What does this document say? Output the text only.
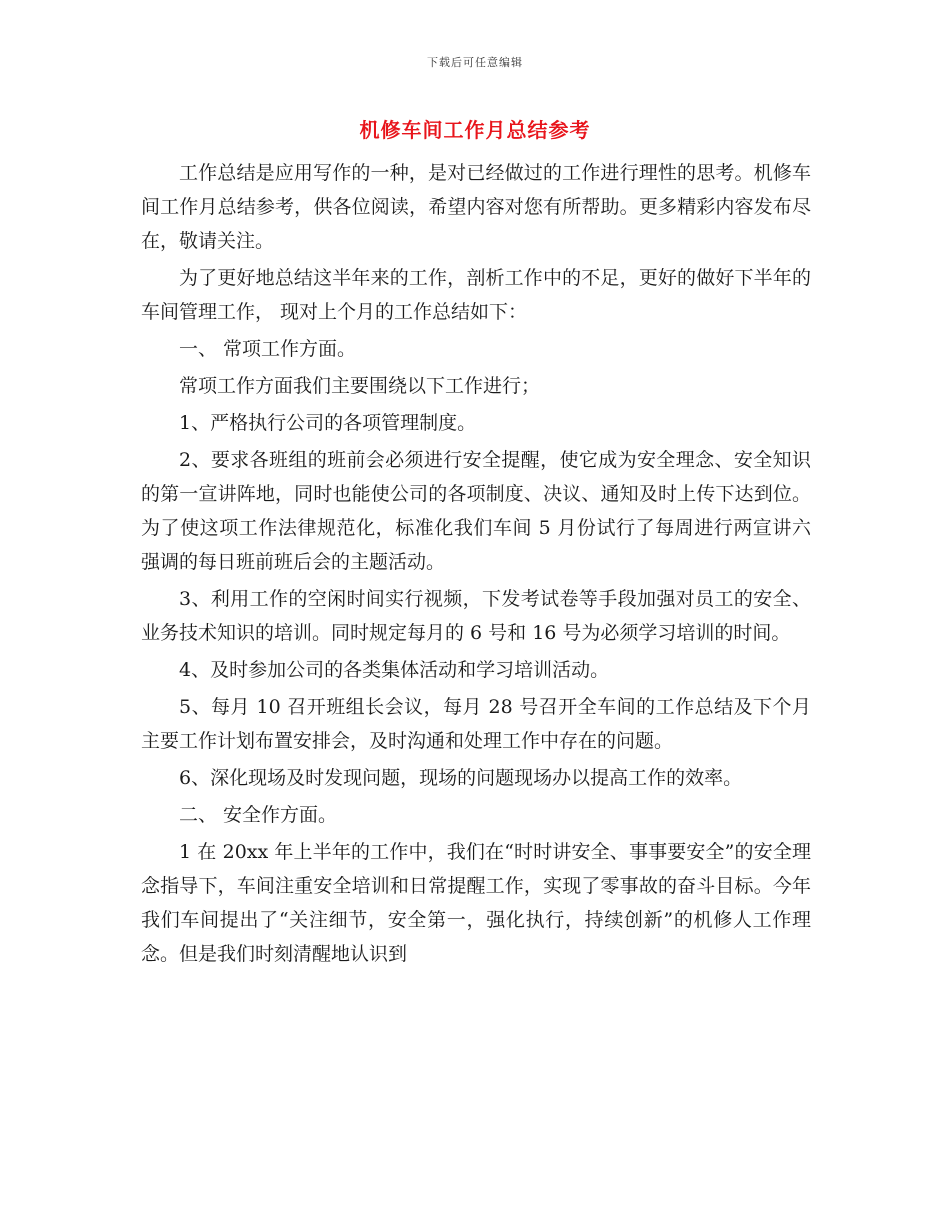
下载后可任意编辑
机修车间工作月总结参考

工作总结是应用写作的一种，是对已经做过的工作进行理性的思考。机修车间工作月总结参考，供各位阅读，希望内容对您有所帮助。更多精彩内容发布尽在，敬请关注。

为了更好地总结这半年来的工作，剖析工作中的不足，更好的做好下半年的车间管理工作， 现对上个月的工作总结如下：

一、 常项工作方面。

常项工作方面我们主要围绕以下工作进行；

1、严格执行公司的各项管理制度。

2、要求各班组的班前会必须进行安全提醒，使它成为安全理念、安全知识的第一宣讲阵地，同时也能使公司的各项制度、决议、通知及时上传下达到位。为了使这项工作法律规范化，标准化我们车间 5 月份试行了每周进行两宣讲六强调的每日班前班后会的主题活动。

3、利用工作的空闲时间实行视频，下发考试卷等手段加强对员工的安全、 业务技术知识的培训。同时规定每月的 6 号和 16 号为必须学习培训的时间。

4、及时参加公司的各类集体活动和学习培训活动。

5、每月 10 召开班组长会议，每月 28 号召开全车间的工作总结及下个月主要工作计划布置安排会，及时沟通和处理工作中存在的问题。

6、深化现场及时发现问题，现场的问题现场办以提高工作的效率。

二、 安全作方面。

1 在 20xx 年上半年的工作中，我们在“时时讲安全、事事要安全”的安全理念指导下，车间注重安全培训和日常提醒工作，实现了零事故的奋斗目标。今年我们车间提出了“关注细节，安全第一，强化执行，持续创新”的机修人工作理念。但是我们时刻清醒地认识到
